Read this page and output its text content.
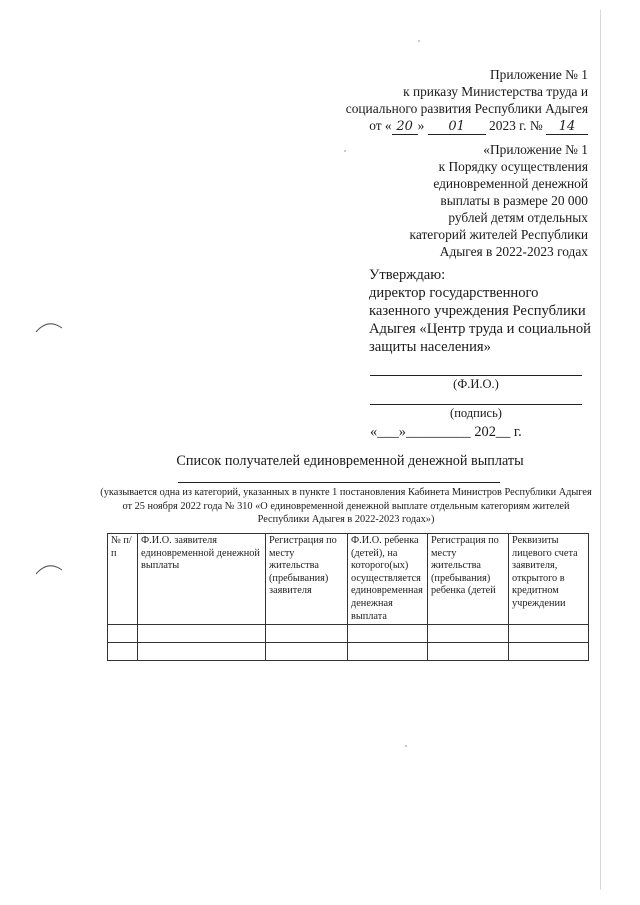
Приложение № 1
к приказу Министерства труда и
социального развития Республики Адыгея
от « 20 » 01 2023 г. № 14
«Приложение № 1
к Порядку осуществления
единовременной денежной
выплаты в размере 20 000
рублей детям отдельных
категорий жителей Республики
Адыгея в 2022-2023 годах
Утверждаю:
директор государственного
казенного учреждения Республики
Адыгея «Центр труда и социальной
защиты населения»
(Ф.И.О.)
(подпись)
«___»_________ 202__ г.
Список получателей единовременной денежной выплаты
(указывается одна из категорий, указанных в пункте 1 постановления Кабинета Министров Республики Адыгея от 25 ноября 2022 года № 310 «О единовременной денежной выплате отдельным категориям жителей Республики Адыгея в 2022-2023 годах»)
№ п/п	Ф.И.О. заявителя единовременной денежной выплаты	Регистрация по месту жительства (пребывания) заявителя	Ф.И.О. ребенка (детей), на которого(ых) осуществляется единовременная денежная выплата	Регистрация по месту жительства (пребывания) ребенка (детей	Реквизиты лицевого счета заявителя, открытого в кредитном учреждении
